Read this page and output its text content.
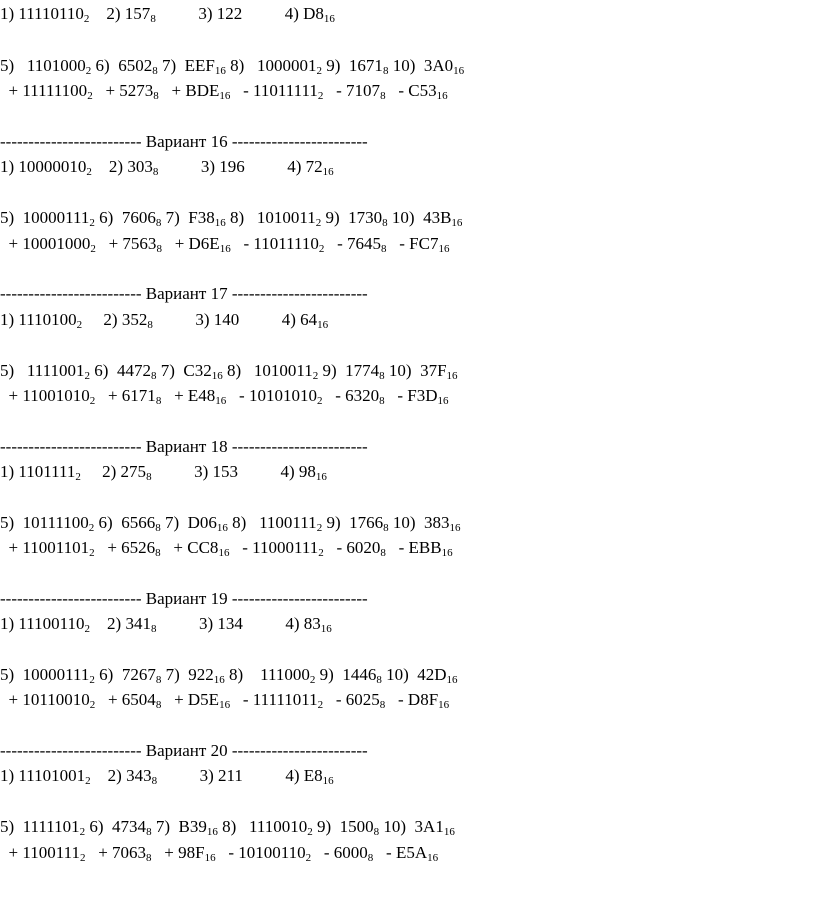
1) $11110110_2$    2) $157_8$          3) 122          4) $D8_{16}$
5)   $1101000_2$ 6)  $6502_8$ 7)  $EEF_{16}$ 8)   $1000001_2$ 9)  $1671_8$ 10)  $3A0_{16}$
+ $11111100_2 + 5273_8 + BDE_{16} - 11011111_2 - 7107_8 - C53_{16}$
------------------------- Вариант 16 ------------------------
1) $10000010_2$    2) $303_8$          3) 196          4) $72_{16}$
5)  $10000111_2$ 6)  $7606_8$ 7)  $F38_{16}$ 8)   $1010011_2$ 9)  $1730_8$ 10)  $43B_{16}$
+ $10001000_2 + 7563_8 + D6E_{16} - 11011110_2 - 7645_8 - FC7_{16}$
------------------------- Вариант 17 ------------------------
1) $1110100_2$     2) $352_8$          3) 140          4) $64_{16}$
5)   $1111001_2$ 6)  $4472_8$ 7)  $C32_{16}$ 8)   $1010011_2$ 9)  $1774_8$ 10)  $37F_{16}$
+ $11001010_2 + 6171_8 + E48_{16} - 10101010_2 - 6320_8 - F3D_{16}$
------------------------- Вариант 18 ------------------------
1) $1101111_2$     2) $275_8$          3) 153          4) $98_{16}$
5)  $10111100_2$ 6)  $6566_8$ 7)  $D06_{16}$ 8)   $1100111_2$ 9)  $1766_8$ 10)  $383_{16}$
+ $11001101_2 + 6526_8 + CC8_{16} - 11000111_2 - 6020_8 - EBB_{16}$
------------------------- Вариант 19 ------------------------
1) $11100110_2$    2) $341_8$          3) 134          4) $83_{16}$
5)  $10000111_2$ 6)  $7267_8$ 7)  $922_{16}$ 8)    $111000_2$ 9)  $1446_8$ 10)  $42D_{16}$
+ $10110010_2 + 6504_8 + D5E_{16} - 11111011_2 - 6025_8 - D8F_{16}$
------------------------- Вариант 20 ------------------------
1) $11101001_2$    2) $343_8$          3) 211          4) $E8_{16}$
5)  $1111101_2$ 6)  $4734_8$ 7)  $B39_{16}$ 8)   $1110010_2$ 9)  $1500_8$ 10)  $3A1_{16}$
+ $1100111_2 + 7063_8 + 98F_{16} - 10100110_2 - 6000_8 - E5A_{16}$
